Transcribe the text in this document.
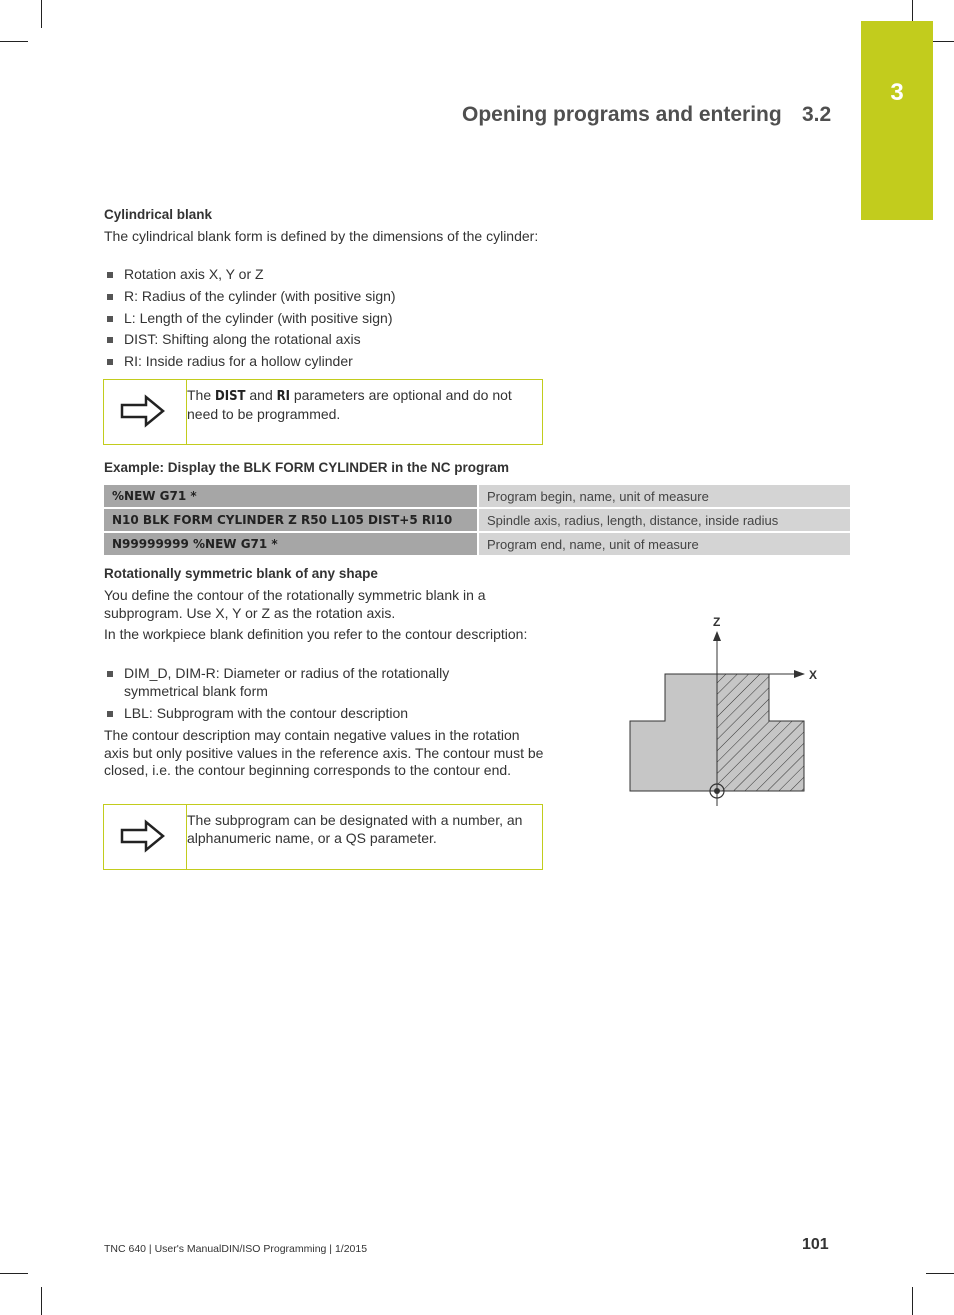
3
Opening programs and entering 3.2
Cylindrical blank
The cylindrical blank form is defined by the dimensions of the cylinder:
Rotation axis X, Y or Z
R: Radius of the cylinder (with positive sign)
L: Length of the cylinder (with positive sign)
DIST: Shifting along the rotational axis
RI: Inside radius for a hollow cylinder
The DIST and RI parameters are optional and do not need to be programmed.
Example: Display the BLK FORM CYLINDER in the NC program
%NEW G71 *	Program begin, name, unit of measure
N10 BLK FORM CYLINDER Z R50 L105 DIST+5 RI10	Spindle axis, radius, length, distance, inside radius
N99999999 %NEW G71 *	Program end, name, unit of measure
Rotationally symmetric blank of any shape
You define the contour of the rotationally symmetric blank in a subprogram. Use X, Y or Z as the rotation axis.
In the workpiece blank definition you refer to the contour description:
DIM_D, DIM-R: Diameter or radius of the rotationally symmetrical blank form
LBL: Subprogram with the contour description
The contour description may contain negative values in the rotation axis but only positive values in the reference axis. The contour must be closed, i.e. the contour beginning corresponds to the contour end.
The subprogram can be designated with a number, an alphanumeric name, or a QS parameter.
Z
X
TNC 640 | User's ManualDIN/ISO Programming | 1/2015	101
